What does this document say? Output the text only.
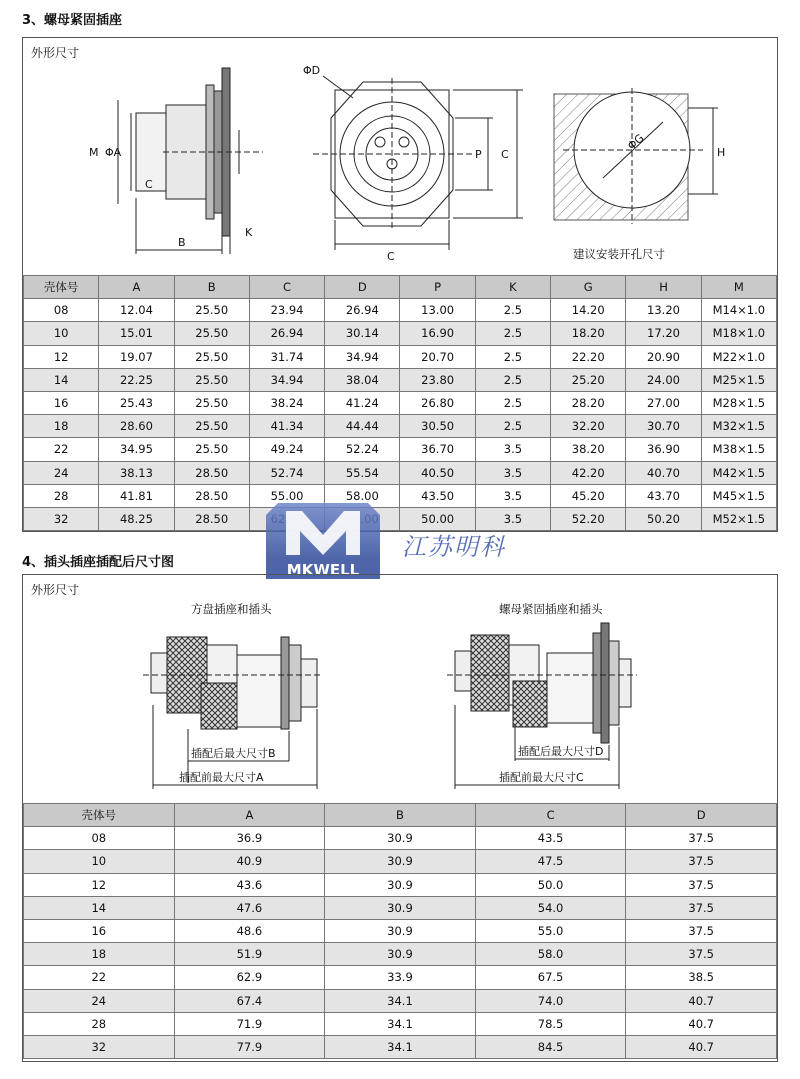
3、螺母紧固插座
外形尺寸
M ΦA
C
B
K
ΦD
P C
C
ΦG	H
建议安装开孔尺寸
壳体号	A	B	C	D	P	K	G	H	M
08	12.04	25.50	23.94	26.94	13.00	2.5	14.20	13.20	M14×1.0
10	15.01	25.50	26.94	30.14	16.90	2.5	18.20	17.20	M18×1.0
12	19.07	25.50	31.74	34.94	20.70	2.5	22.20	20.90	M22×1.0
14	22.25	25.50	34.94	38.04	23.80	2.5	25.20	24.00	M25×1.5
16	25.43	25.50	38.24	41.24	26.80	2.5	28.20	27.00	M28×1.5
18	28.60	25.50	41.34	44.44	30.50	2.5	32.20	30.70	M32×1.5
22	34.95	25.50	49.24	52.24	36.70	3.5	38.20	36.90	M38×1.5
24	38.13	28.50	52.74	55.54	40.50	3.5	42.20	40.70	M42×1.5
28	41.81	28.50	55.00	58.00	43.50	3.5	45.20	43.70	M45×1.5
32	48.25	28.50			50.00	3.5	52.20	50.20	M52×1.5
MKWELL
江苏明科
4、插头插座插配后尺寸图
外形尺寸
方盘插座和插头	螺母紧固插座和插头
插配后最大尺寸B
插配前最大尺寸A
插配后最大尺寸D
插配前最大尺寸C
壳体号	A	B	C	D
08	36.9	30.9	43.5	37.5
10	40.9	30.9	47.5	37.5
12	43.6	30.9	50.0	37.5
14	47.6	30.9	54.0	37.5
16	48.6	30.9	55.0	37.5
18	51.9	30.9	58.0	37.5
22	62.9	33.9	67.5	38.5
24	67.4	34.1	74.0	40.7
28	71.9	34.1	78.5	40.7
32	77.9	34.1	84.5	40.7
